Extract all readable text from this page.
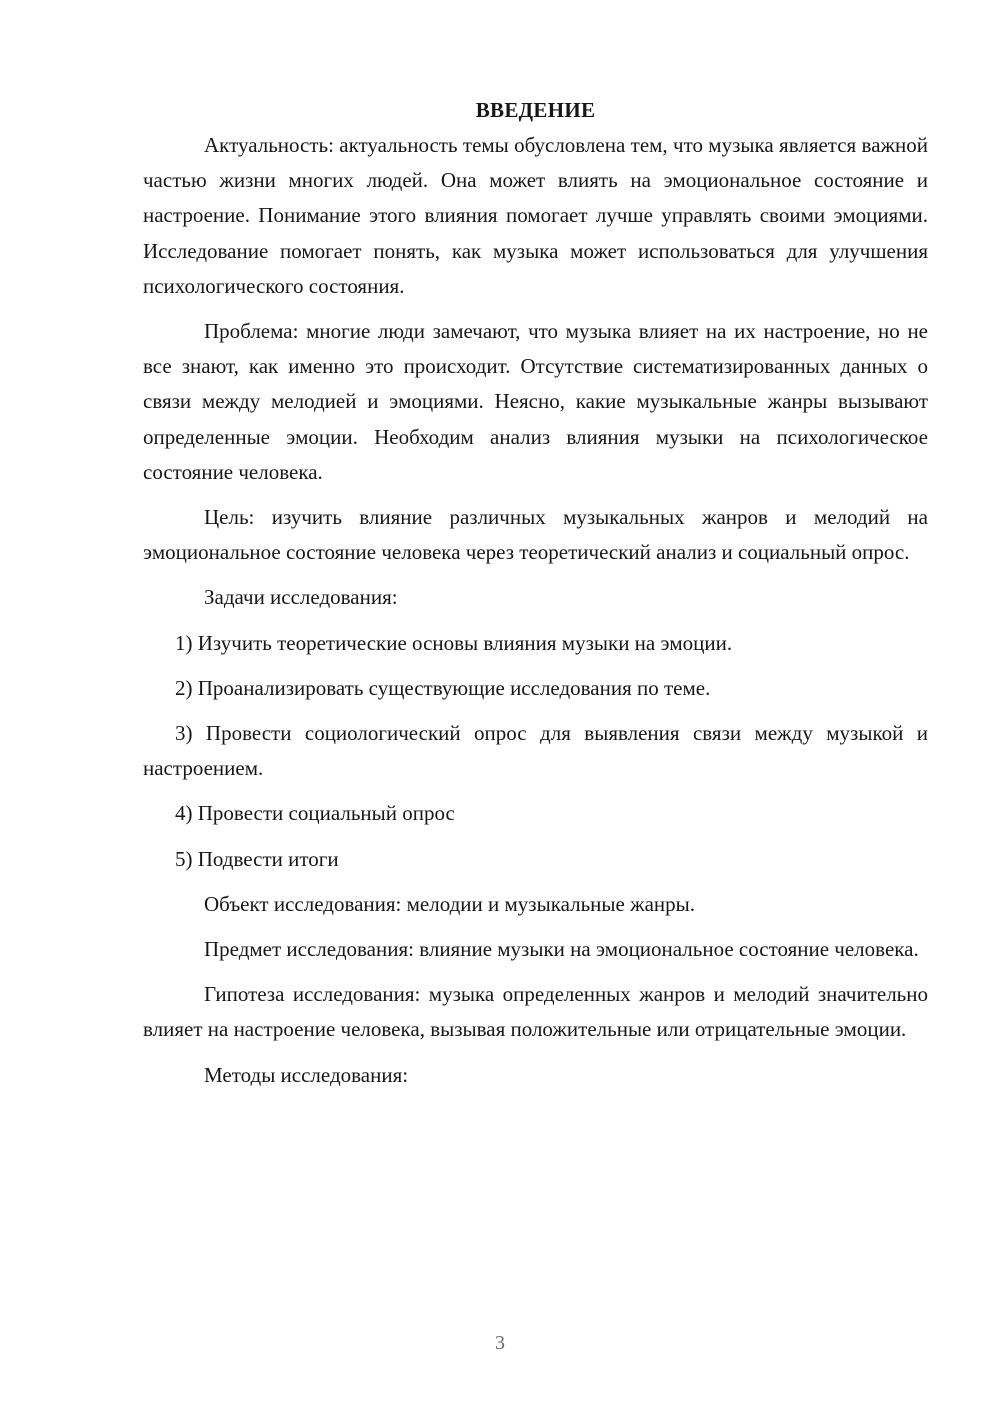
ВВЕДЕНИЕ

Актуальность: актуальность темы обусловлена тем, что музыка является важной частью жизни многих людей. Она может влиять на эмоциональное состояние и настроение. Понимание этого влияния помогает лучше управлять своими эмоциями. Исследование помогает понять, как музыка может использоваться для улучшения психологического состояния.

Проблема: многие люди замечают, что музыка влияет на их настроение, но не все знают, как именно это происходит. Отсутствие систематизированных данных о связи между мелодией и эмоциями. Неясно, какие музыкальные жанры вызывают определенные эмоции. Необходим анализ влияния музыки на психологическое состояние человека.

Цель: изучить влияние различных музыкальных жанров и мелодий на эмоциональное состояние человека через теоретический анализ и социальный опрос.

Задачи исследования:

1) Изучить теоретические основы влияния музыки на эмоции.

2) Проанализировать существующие исследования по теме.

3) Провести социологический опрос для выявления связи между музыкой и настроением.

4) Провести социальный опрос

5) Подвести итоги

Объект исследования: мелодии и музыкальные жанры.

Предмет исследования: влияние музыки на эмоциональное состояние человека.

Гипотеза исследования: музыка определенных жанров и мелодий значительно влияет на настроение человека, вызывая положительные или отрицательные эмоции.

Методы исследования:

3
